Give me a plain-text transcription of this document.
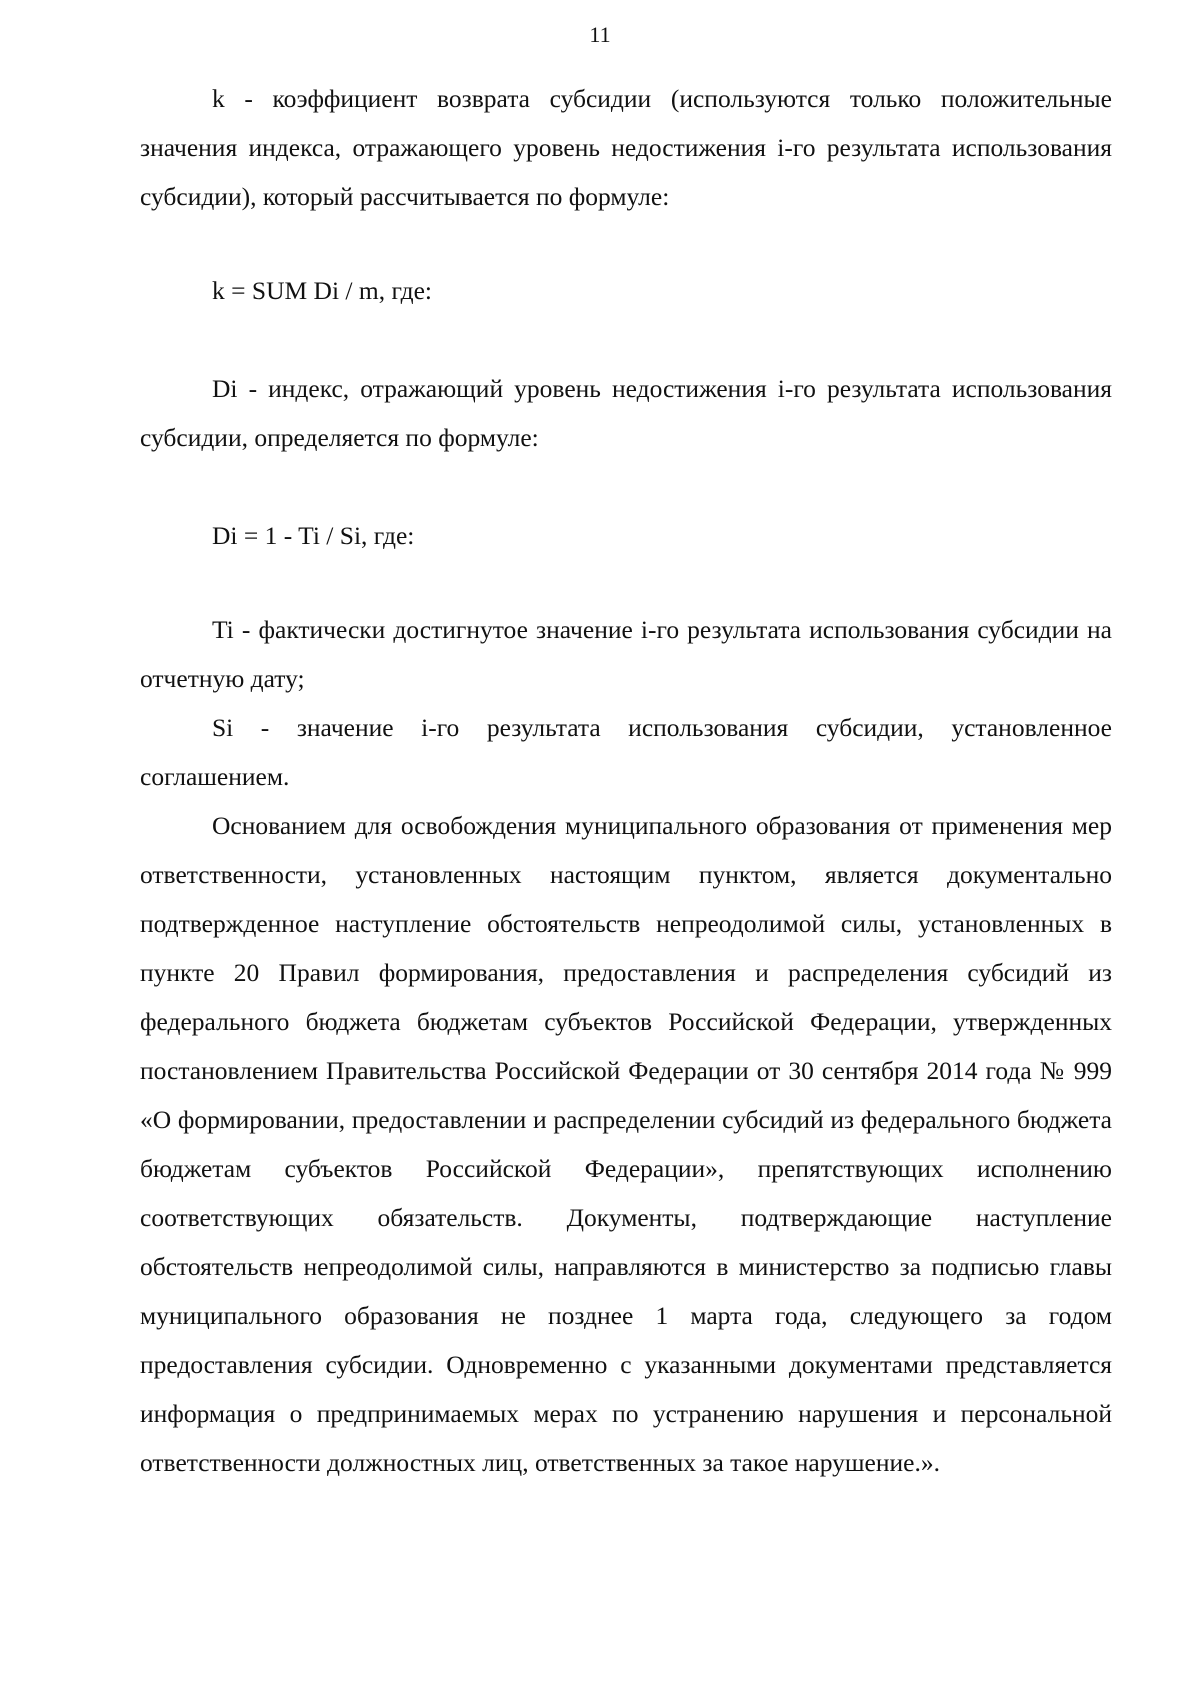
11

k - коэффициент возврата субсидии (используются только положительные значения индекса, отражающего уровень недостижения i-го результата использования субсидии), который рассчитывается по формуле:

k = SUM Di / m, где:

Di - индекс, отражающий уровень недостижения i-го результата использования субсидии, определяется по формуле:

Di = 1 - Ti / Si, где:

Ti - фактически достигнутое значение i-го результата использования субсидии на отчетную дату;

Si - значение i-го результата использования субсидии, установленное соглашением.

Основанием для освобождения муниципального образования от применения мер ответственности, установленных настоящим пунктом, является документально подтвержденное наступление обстоятельств непреодолимой силы, установленных в пункте 20 Правил формирования, предоставления и распределения субсидий из федерального бюджета бюджетам субъектов Российской Федерации, утвержденных постановлением Правительства Российской Федерации от 30 сентября 2014 года № 999 «О формировании, предоставлении и распределении субсидий из федерального бюджета бюджетам субъектов Российской Федерации», препятствующих исполнению соответствующих обязательств. Документы, подтверждающие наступление обстоятельств непреодолимой силы, направляются в министерство за подписью главы муниципального образования не позднее 1 марта года, следующего за годом предоставления субсидии. Одновременно с указанными документами представляется информация о предпринимаемых мерах по устранению нарушения и персональной ответственности должностных лиц, ответственных за такое нарушение.».
